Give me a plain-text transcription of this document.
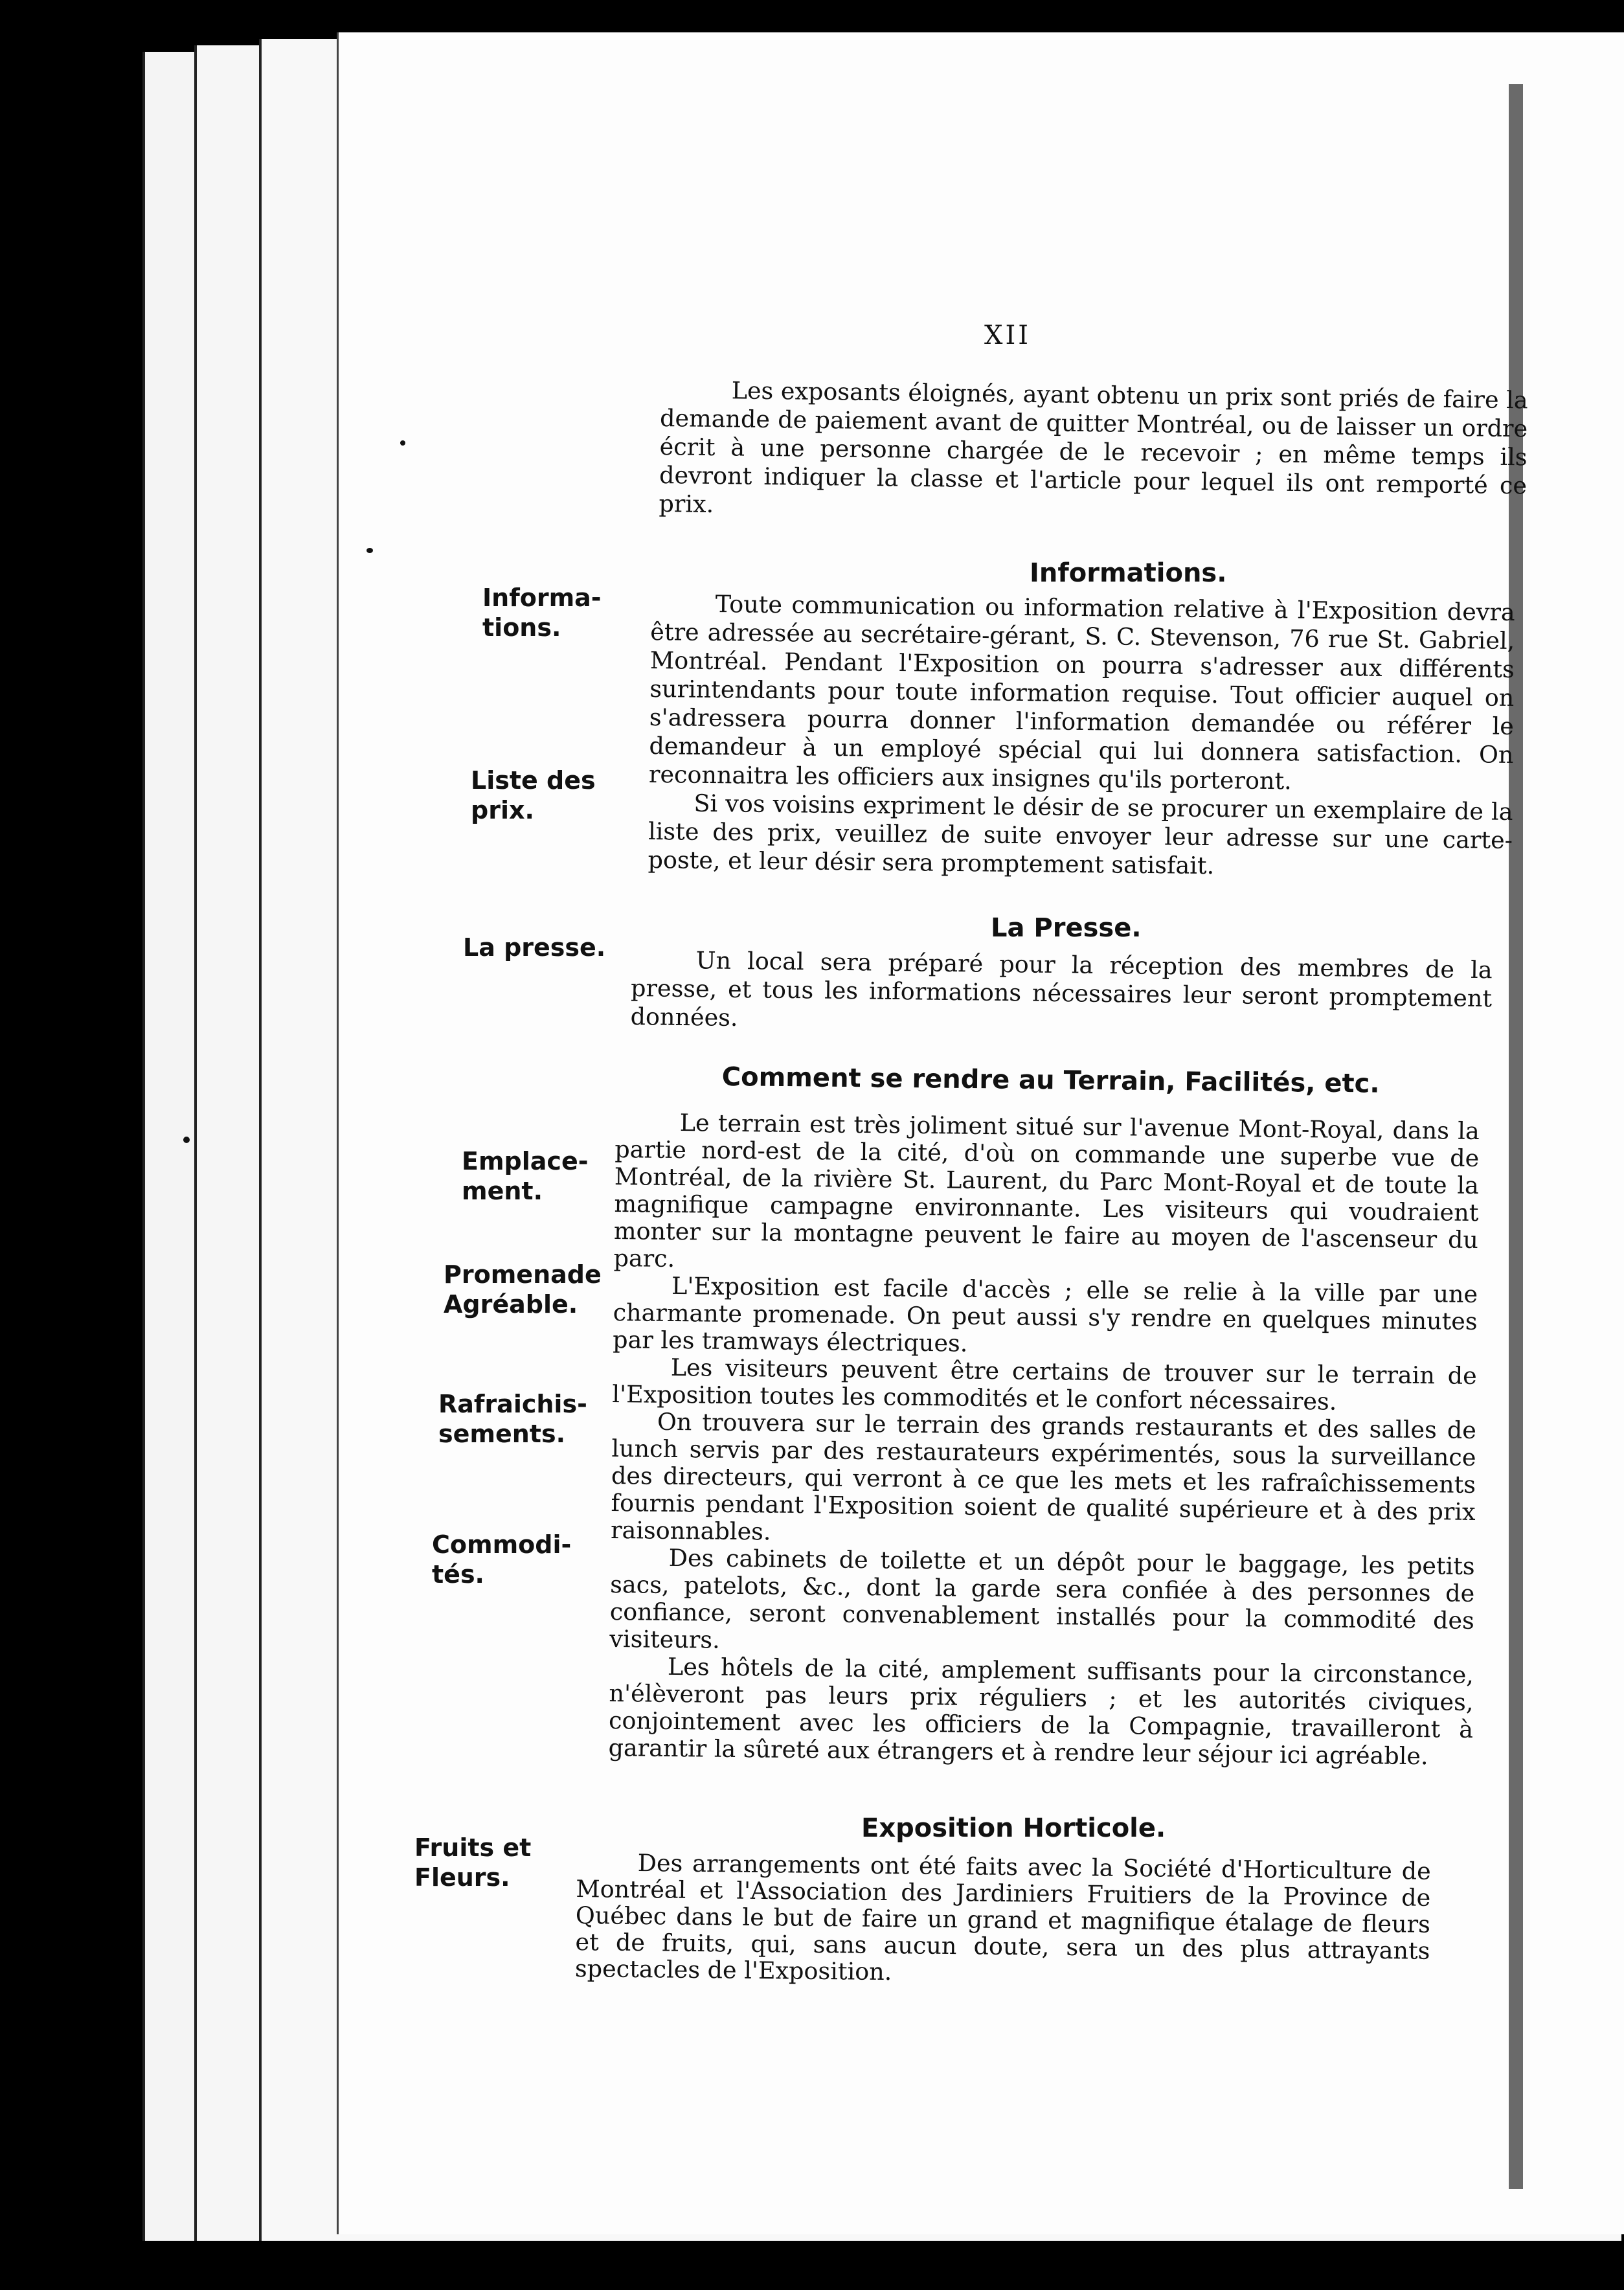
XII

Les exposants éloignés, ayant obtenu un prix sont priés de faire la demande de paiement avant de quitter Montréal, ou de laisser un ordre écrit à une personne chargée de le recevoir ; en même temps ils devront indiquer la classe et l'article pour lequel ils ont remporté ce prix.

Informations.
Informa-
tions.

Toute communication ou information relative à l'Exposition devra être adressée au secrétaire-gérant, S. C. Stevenson, 76 rue St. Gabriel, Montréal. Pendant l'Exposition on pourra s'adresser aux différents surintendants pour toute information requise. Tout officier auquel on s'adressera pourra donner l'information demandée ou référer le demandeur à un employé spécial qui lui donnera satisfaction. On reconnaitra les officiers aux insignes qu'ils porteront.

Si vos voisins expriment le désir de se procurer un exemplaire de la liste des prix, veuillez de suite envoyer leur adresse sur une carte-poste, et leur désir sera promptement satisfait.

Liste des
prix.
La Presse.
La presse.	Un local sera préparé pour la réception des membres de la presse, et tous les informations nécessaires leur seront promptement données.

Comment se rendre au Terrain, Facilités, etc.
Emplace-
ment.
Promenade
Agréable.
Rafraichis-
sements.
Commodi-
tés.

Le terrain est très joliment situé sur l'avenue Mont-Royal, dans la partie nord-est de la cité, d'où on commande une superbe vue de Montréal, de la rivière St. Laurent, du Parc Mont-Royal et de toute la magnifique campagne environnante. Les visiteurs qui voudraient monter sur la montagne peuvent le faire au moyen de l'ascenseur du parc.

L'Exposition est facile d'accès ; elle se relie à la ville par une charmante promenade. On peut aussi s'y rendre en quelques minutes par les tramways électriques.

Les visiteurs peuvent être certains de trouver sur le terrain de l'Exposition toutes les commodités et le confort nécessaires.

On trouvera sur le terrain des grands restaurants et des salles de lunch servis par des restaurateurs expérimentés, sous la surveillance des directeurs, qui verront à ce que les mets et les rafraîchissements fournis pendant l'Exposition soient de qualité supérieure et à des prix raisonnables.

Des cabinets de toilette et un dépôt pour le baggage, les petits sacs, patelots, &c., dont la garde sera confiée à des personnes de confiance, seront convenablement installés pour la commodité des visiteurs.

Les hôtels de la cité, amplement suffisants pour la circonstance, n'élèveront pas leurs prix réguliers ; et les autorités civiques, conjointement avec les officiers de la Compagnie, travailleront à garantir la sûreté aux étrangers et à rendre leur séjour ici agréable.

Exposition Horticole.
Fruits et
Fleurs.	Des arrangements ont été faits avec la Société d'Horticulture de Montréal et l'Association des Jardiniers Fruitiers de la Province de Québec dans le but de faire un grand et magnifique étalage de fleurs et de fruits, qui, sans aucun doute, sera un des plus attrayants spectacles de l'Exposition.
